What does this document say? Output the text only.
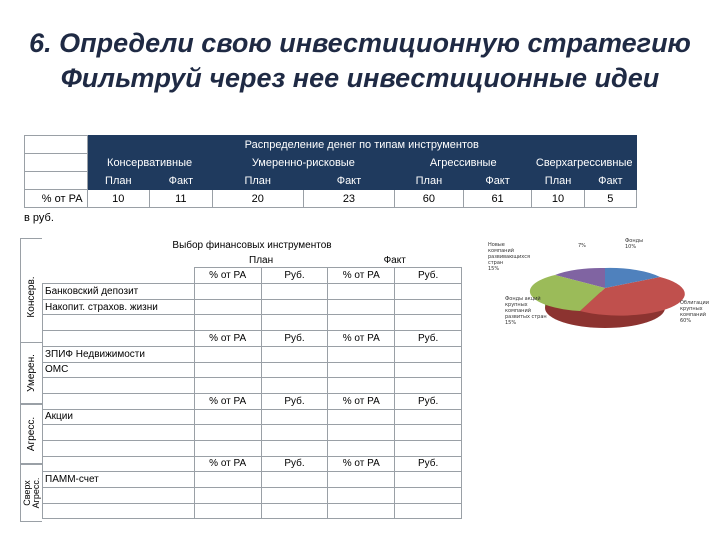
6. Определи свою инвестиционную стратегию
Фильтруй через нее инвестиционные идеи
	Распределение денег по типам инструментов							
	Консервативные		Умеренно-рисковые		Агрессивные		Сверхагрессивные	
	План	Факт	План	Факт	План	Факт	План	Факт
% от РА	10	11	20	23	60	61	10	5
в руб.
Консерв.
Умерен.
Агресс.
Сверх Агресс.
Выбор финансовых инструментов				
	План		Факт	
	% от РА	Руб.	% от РА	Руб.
Банковский депозит				
Накопит. страхов. жизни				

	% от РА	Руб.	% от РА	Руб.
ЗПИФ Недвижимости				
ОМС				

	% от РА	Руб.	% от РА	Руб.
Акции				

	% от РА	Руб.	% от РА	Руб.
ПАММ-счет				

Новые компаний развивающихся стран 15%
Фонды акций крупных компаний развитых стран 15%
7%
Фонды 10%
Облигации крупных компаний 60%
